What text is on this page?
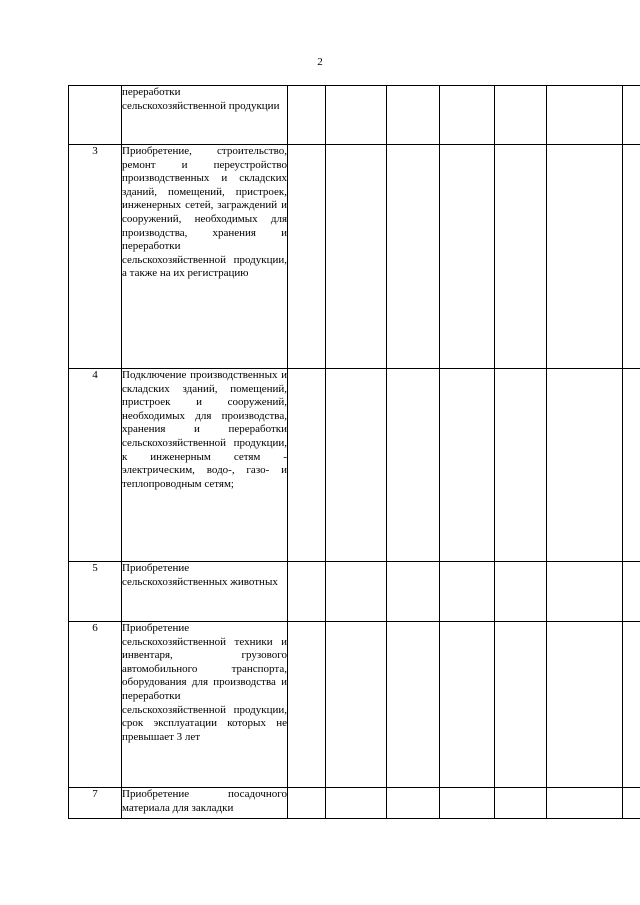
2

	переработки сельскохозяйственной продукции							

3	Приобретение, строительство, ремонт и переустройство производственных и складских зданий, помещений, пристроек, инженерных сетей, заграждений и сооружений, необходимых для производства, хранения и переработки сельскохозяйственной продукции, а также на их регистрацию							

4	Подключение производственных и складских зданий, помещений, пристроек и сооружений, необходимых для производства, хранения и переработки сельскохозяйственной продукции, к инженерным сетям - электрическим, водо-, газо- и теплопроводным сетям;							

5	Приобретение сельскохозяйственных животных							

6	Приобретение сельскохозяйственной техники и инвентаря, грузового автомобильного транспорта, оборудования для производства и переработки сельскохозяйственной продукции, срок эксплуатации которых не превышает 3 лет							

7	Приобретение посадочного материала для закладки							
